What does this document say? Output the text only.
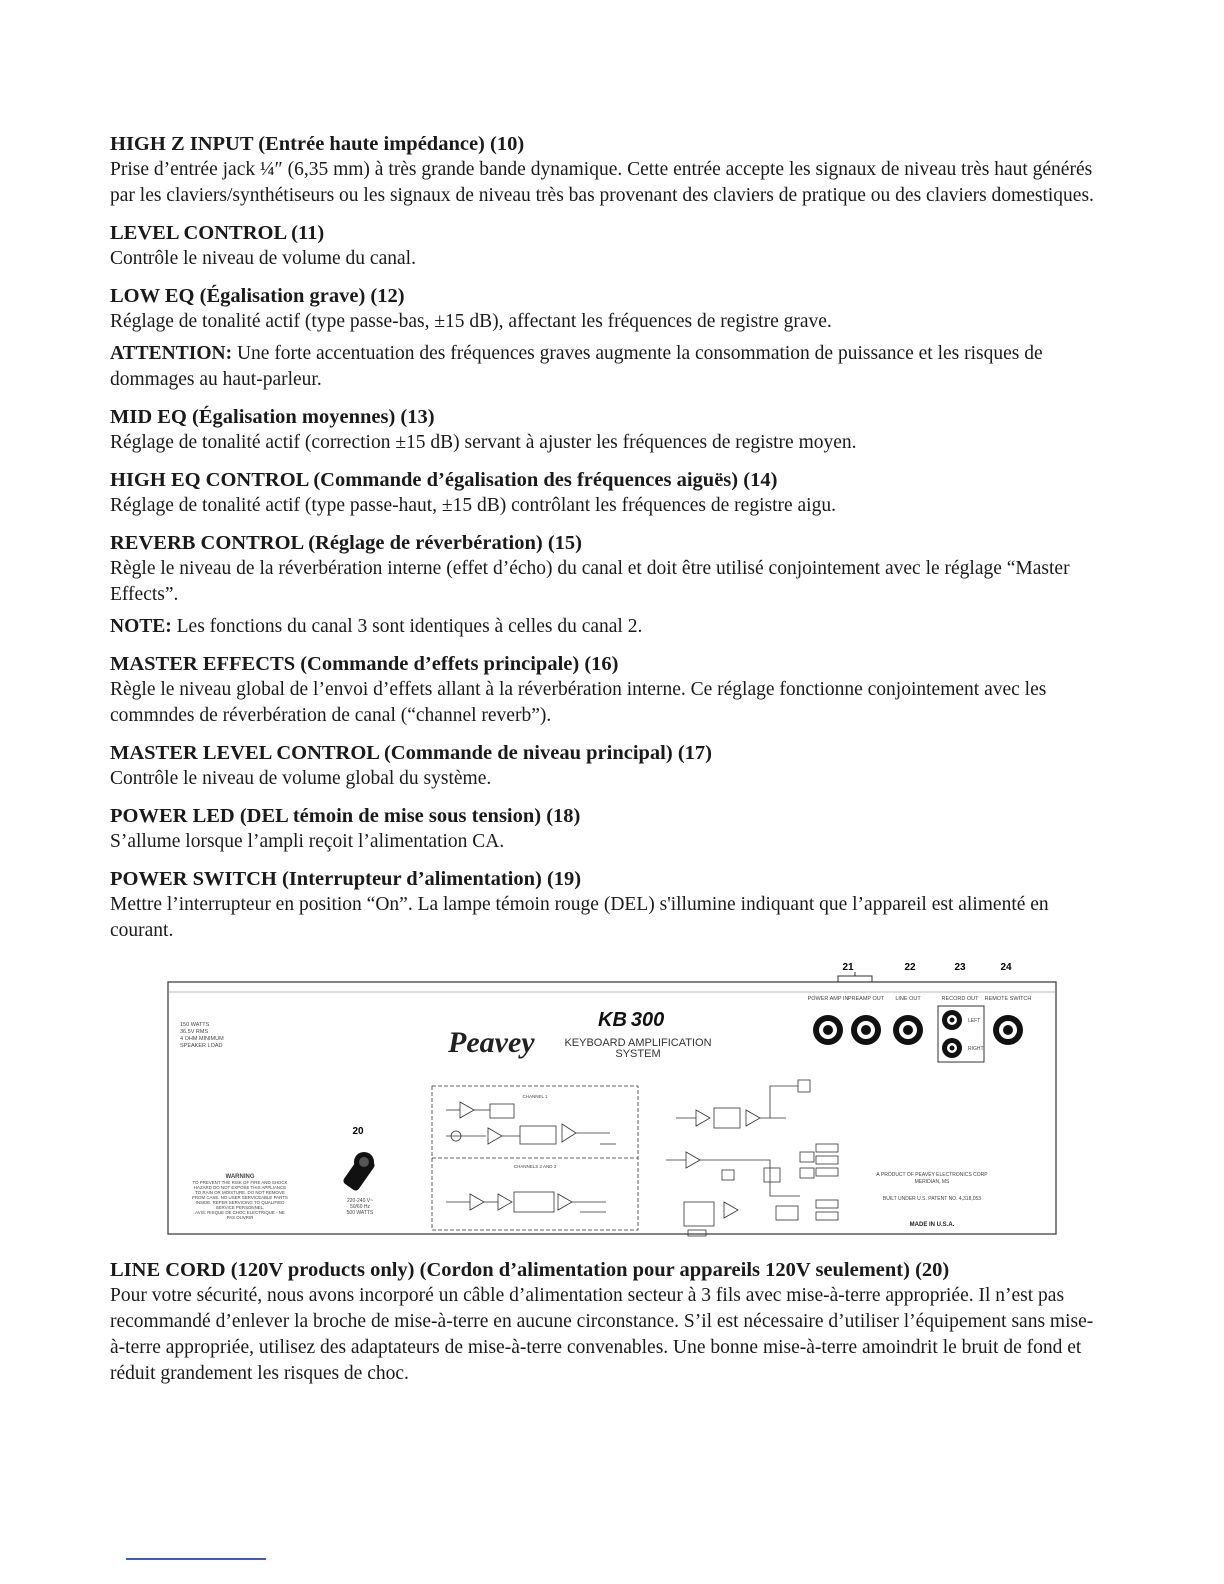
HIGH Z INPUT (Entrée haute impédance) (10)
Prise d’entrée jack ¼″ (6,35 mm) à très grande bande dynamique. Cette entrée accepte les signaux de niveau très haut générés par les claviers/synthétiseurs ou les signaux de niveau très bas provenant des claviers de pratique ou des claviers domestiques.
LEVEL CONTROL (11)
Contrôle le niveau de volume du canal.
LOW EQ (Égalisation grave) (12)
Réglage de tonalité actif (type passe-bas, ±15 dB), affectant les fréquences de registre grave.
ATTENTION: Une forte accentuation des fréquences graves augmente la consommation de puissance et les risques de dommages au haut-parleur.
MID EQ (Égalisation moyennes) (13)
Réglage de tonalité actif (correction ±15 dB) servant à ajuster les fréquences de registre moyen.
HIGH EQ CONTROL (Commande d’égalisation des fréquences aiguës) (14)
Réglage de tonalité actif (type passe-haut, ±15 dB) contrôlant les fréquences de registre aigu.
REVERB CONTROL (Réglage de réverbération) (15)
Règle le niveau de la réverbération interne (effet d’écho) du canal et doit être utilisé conjointement avec le réglage “Master Effects”.
NOTE: Les fonctions du canal 3 sont identiques à celles du canal 2.
MASTER EFFECTS (Commande d’effets principale) (16)
Règle le niveau global de l’envoi d’effets allant à la réverbération interne. Ce réglage fonctionne conjointement avec les commndes de réverbération de canal (“channel reverb”).
MASTER LEVEL CONTROL (Commande de niveau principal) (17)
Contrôle le niveau de volume global du système.
POWER LED (DEL témoin de mise sous tension) (18)
S’allume lorsque l’ampli reçoit l’alimentation CA.
POWER SWITCH (Interrupteur d’alimentation) (19)
Mettre l’interrupteur en position “On”. La lampe témoin rouge (DEL) s'illumine indiquant que l’appareil est alimenté en courant.
21	22	23	24
150 WATTS
36.5V RMS
4 OHM MINIMUM
SPEAKER LOAD	Peavey
KB 300
KEYBOARD AMPLIFICATION
SYSTEM
POWER AMP IN PREAMP OUT LINE OUT	RECORD OUT REMOTE SWITCH
LEFT
RIGHT
20
WARNING
TO PREVENT THE RISK OF FIRE AND SHOCK
HAZARD DO NOT EXPOSE THIS APPLIANCE
TO RAIN OR MOISTURE. DO NOT REMOVE
FROM CASE. NO USER SERVICEABLE PARTS
INSIDE. REFER SERVICING TO QUALIFIED
SERVICE PERSONNEL.
AVIS: RISQUE DE CHOC ELECTRIQUE - NE
PAS OUVRIR
220-240 V~
50/60 Hz
500 WATTS
CHANNEL 1
CHANNELS 2 AND 3
A PRODUCT OF PEAVEY ELECTRONICS CORP
MERIDIAN, MS
BUILT UNDER U.S. PATENT NO. 4,318,053
MADE IN U.S.A.
LINE CORD (120V products only) (Cordon d’alimentation pour appareils 120V seulement) (20)
Pour votre sécurité, nous avons incorporé un câble d’alimentation secteur à 3 fils avec mise-à-terre appropriée. Il n’est pas recommandé d’enlever la broche de mise-à-terre en aucune circonstance. S’il est nécessaire d’utiliser l’équipement sans mise-à-terre appropriée, utilisez des adaptateurs de mise-à-terre convenables. Une bonne mise-à-terre amoindrit le bruit de fond et réduit grandement les risques de choc.
